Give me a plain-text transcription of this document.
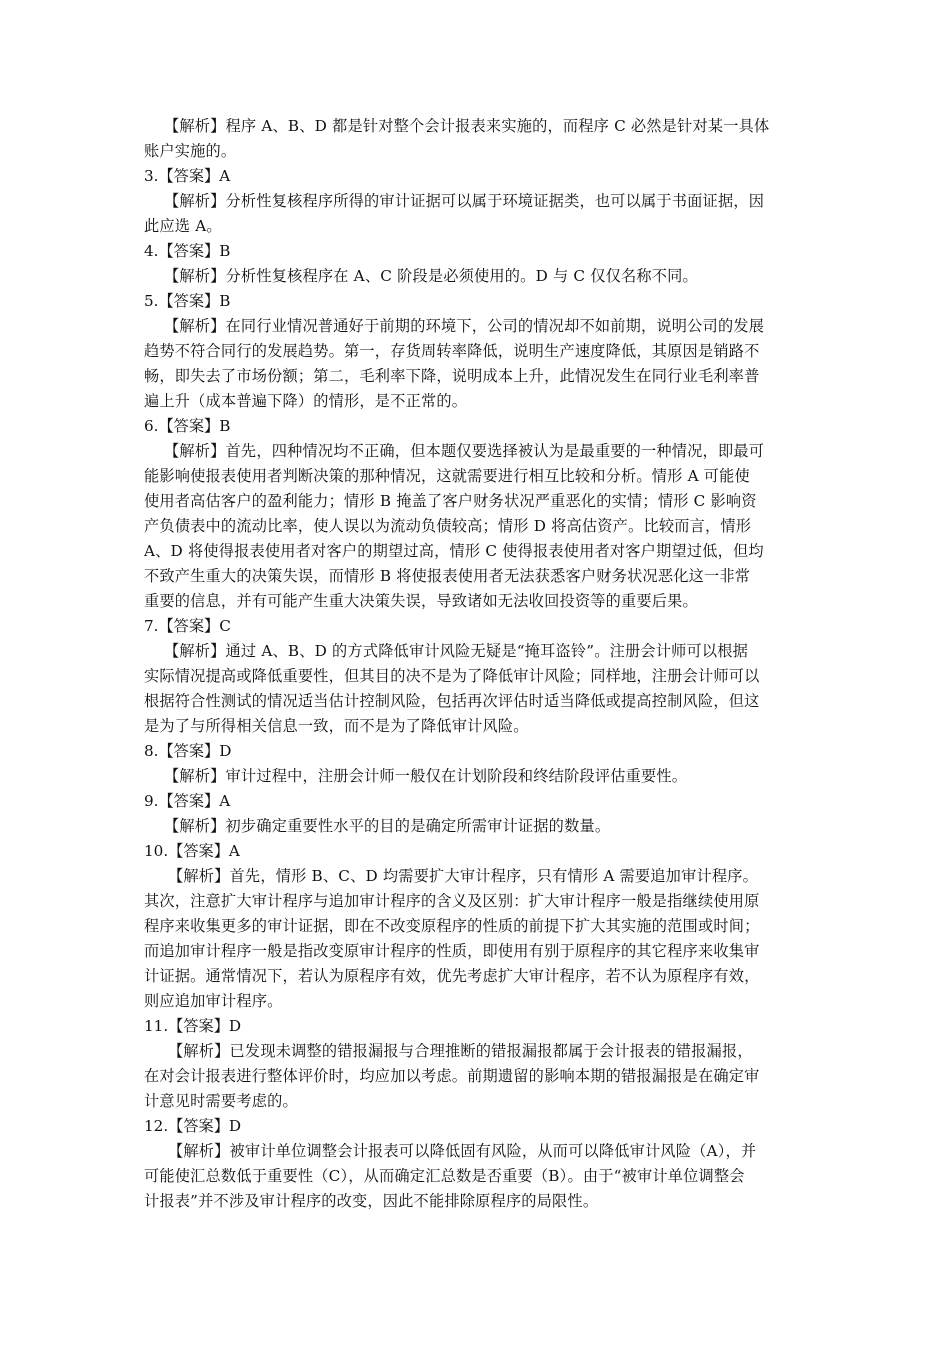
【解析】程序 A、B、D 都是针对整个会计报表来实施的，而程序 C 必然是针对某一具体
账户实施的。
3.【答案】A
【解析】分析性复核程序所得的审计证据可以属于环境证据类，也可以属于书面证据，因
此应选 A。
4.【答案】B
【解析】分析性复核程序在 A、C 阶段是必须使用的。D 与 C 仅仅名称不同。
5.【答案】B
【解析】在同行业情况普通好于前期的环境下，公司的情况却不如前期，说明公司的发展
趋势不符合同行的发展趋势。第一，存货周转率降低，说明生产速度降低，其原因是销路不
畅，即失去了市场份额；第二，毛利率下降，说明成本上升，此情况发生在同行业毛利率普
遍上升（成本普遍下降）的情形，是不正常的。
6.【答案】B
【解析】首先，四种情况均不正确，但本题仅要选择被认为是最重要的一种情况，即最可
能影响使报表使用者判断决策的那种情况，这就需要进行相互比较和分析。情形 A 可能使
使用者高估客户的盈利能力；情形 B 掩盖了客户财务状况严重恶化的实情；情形 C 影响资
产负债表中的流动比率，使人误以为流动负债较高；情形 D 将高估资产。比较而言，情形
A、D 将使得报表使用者对客户的期望过高，情形 C 使得报表使用者对客户期望过低，但均
不致产生重大的决策失误，而情形 B 将使报表使用者无法获悉客户财务状况恶化这一非常
重要的信息，并有可能产生重大决策失误，导致诸如无法收回投资等的重要后果。
7.【答案】C
【解析】通过 A、B、D 的方式降低审计风险无疑是“掩耳盗铃”。注册会计师可以根据
实际情况提高或降低重要性，但其目的决不是为了降低审计风险；同样地，注册会计师可以
根据符合性测试的情况适当估计控制风险，包括再次评估时适当降低或提高控制风险，但这
是为了与所得相关信息一致，而不是为了降低审计风险。
8.【答案】D
【解析】审计过程中，注册会计师一般仅在计划阶段和终结阶段评估重要性。
9.【答案】A
【解析】初步确定重要性水平的目的是确定所需审计证据的数量。
10.【答案】A
【解析】首先，情形 B、C、D 均需要扩大审计程序，只有情形 A 需要追加审计程序。
其次，注意扩大审计程序与追加审计程序的含义及区别：扩大审计程序一般是指继续使用原
程序来收集更多的审计证据，即在不改变原程序的性质的前提下扩大其实施的范围或时间；
而追加审计程序一般是指改变原审计程序的性质，即使用有别于原程序的其它程序来收集审
计证据。通常情况下，若认为原程序有效，优先考虑扩大审计程序，若不认为原程序有效，
则应追加审计程序。
11.【答案】D
【解析】已发现未调整的错报漏报与合理推断的错报漏报都属于会计报表的错报漏报，
在对会计报表进行整体评价时，均应加以考虑。前期遗留的影响本期的错报漏报是在确定审
计意见时需要考虑的。
12.【答案】D
【解析】被审计单位调整会计报表可以降低固有风险，从而可以降低审计风险（A），并
可能使汇总数低于重要性（C），从而确定汇总数是否重要（B）。由于“被审计单位调整会
计报表”并不涉及审计程序的改变，因此不能排除原程序的局限性。
